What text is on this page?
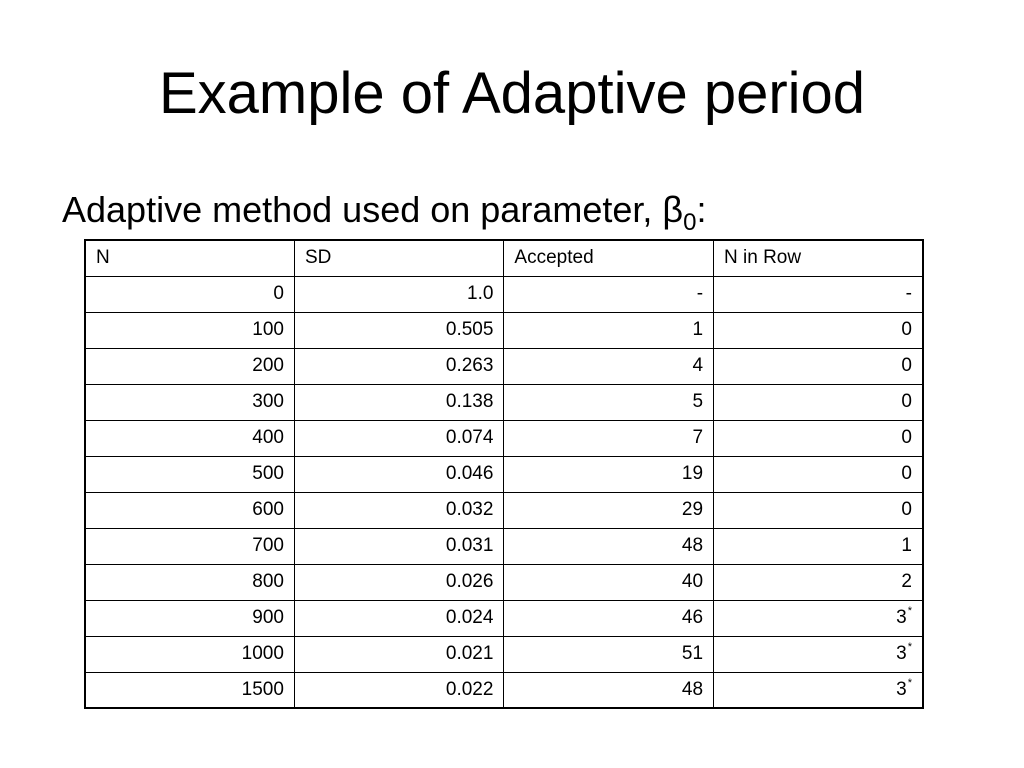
Example of Adaptive period
Adaptive method used on parameter, $\beta_0$:
N	SD	Accepted	N in Row
0	1.0	-	-
100	0.505	1	0
200	0.263	4	0
300	0.138	5	0
400	0.074	7	0
500	0.046	19	0
600	0.032	29	0
700	0.031	48	1
800	0.026	40	2
900	0.024	46	3*
1000	0.021	51	3*
1500	0.022	48	3*
